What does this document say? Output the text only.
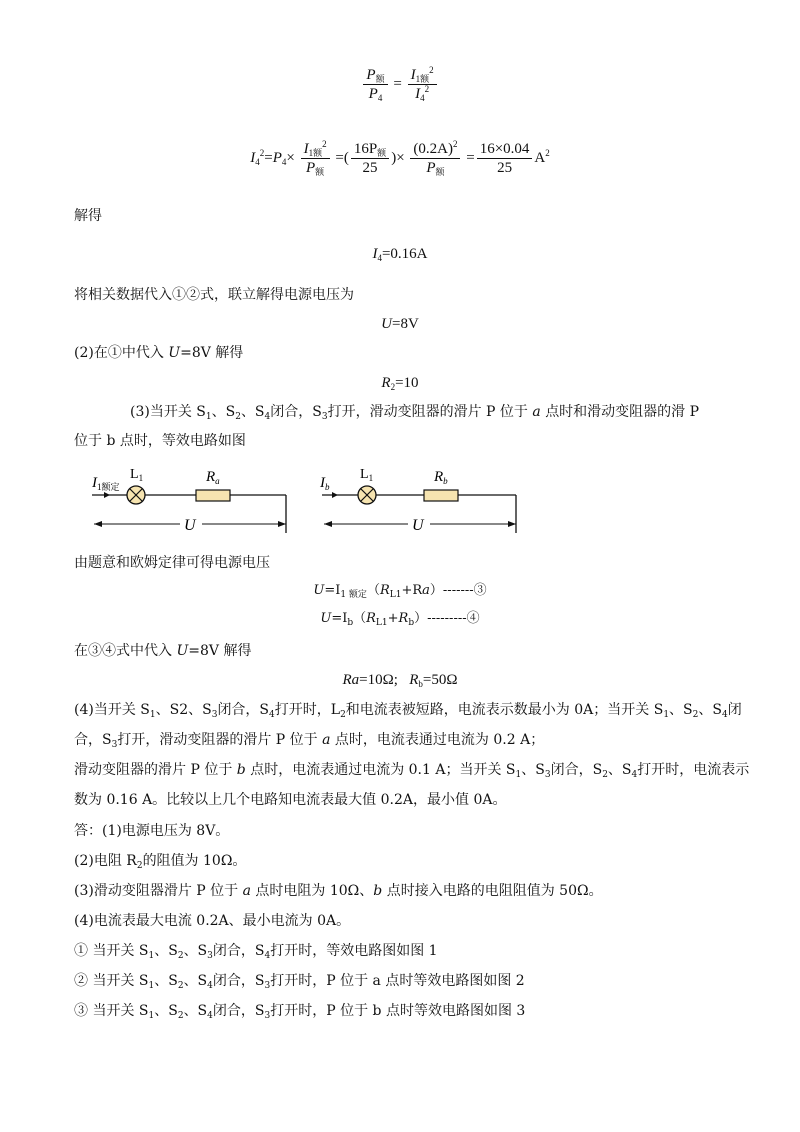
$\frac{P_额}{P_4} = \frac{I_{1额}^2}{I_4^2}$
$I_4^2=P_4\times \frac{I_{1额}^2}{P_额}$ =( $\frac{16P_额}{25}$ )× $\frac{(0.2A)^2}{P_额} = \frac{16\times 0.04}{25} A^2$
解得
$I_4=0.16A$
将相关数据代入①②式，联立解得电源电压为
U=8V
(2)在①中代入 U=8V 解得
$R_2=10$
(3)当开关 $S_1$、$S_2$、$S_4$闭合，$S_3$打开，滑动变阻器的滑片 P 位于 a 点时和滑动变阻器的滑 P
位于 b 点时，等效电路如图
$I_{1额定}$
$L_1$	$R_a$
U
$I_b$
$L_1$	$R_b$
U
由题意和欧姆定律可得电源电压
$U=I_{1 额定}(R_{L1}+Ra)-------③$
$U=I_b(R_{L1}+R_b)---------④$
在③④式中代入 U=8V 解得
Ra=10Ω; $R_b=50\Omega$
(4)当开关 $S_1$、S2、$S_3$闭合，$S_4$打开时，$L_2$和电流表被短路，电流表示数最小为 0A；当开关 $S_1$、$S_2$、$S_4$闭
合，$S_3$打开，滑动变阻器的滑片 P 位于 a 点时，电流表通过电流为 0.2 A；
滑动变阻器的滑片 P 位于 b 点时，电流表通过电流为 0.1 A；当开关 $S_1$、$S_3$闭合，$S_2$、$S_4$打开时，电流表示
数为 0.16 A。比较以上几个电路知电流表最大值 0.2A，最小值 0A。
答：(1)电源电压为 8V。
(2)电阻 $R_2$的阻值为 10Ω。
(3)滑动变阻器滑片 P 位于 a 点时电阻为 10Ω、b 点时接入电路的电阻阻值为 50Ω。
(4)电流表最大电流 0.2A、最小电流为 0A。
① 当开关 $S_1$、$S_2$、$S_3$闭合，$S_4$打开时，等效电路图如图 1
② 当开关 $S_1$、$S_2$、$S_4$闭合，$S_3$打开时，P 位于 a 点时等效电路图如图 2
③ 当开关 $S_1$、$S_2$、$S_4$闭合，$S_3$打开时，P 位于 b 点时等效电路图如图 3
